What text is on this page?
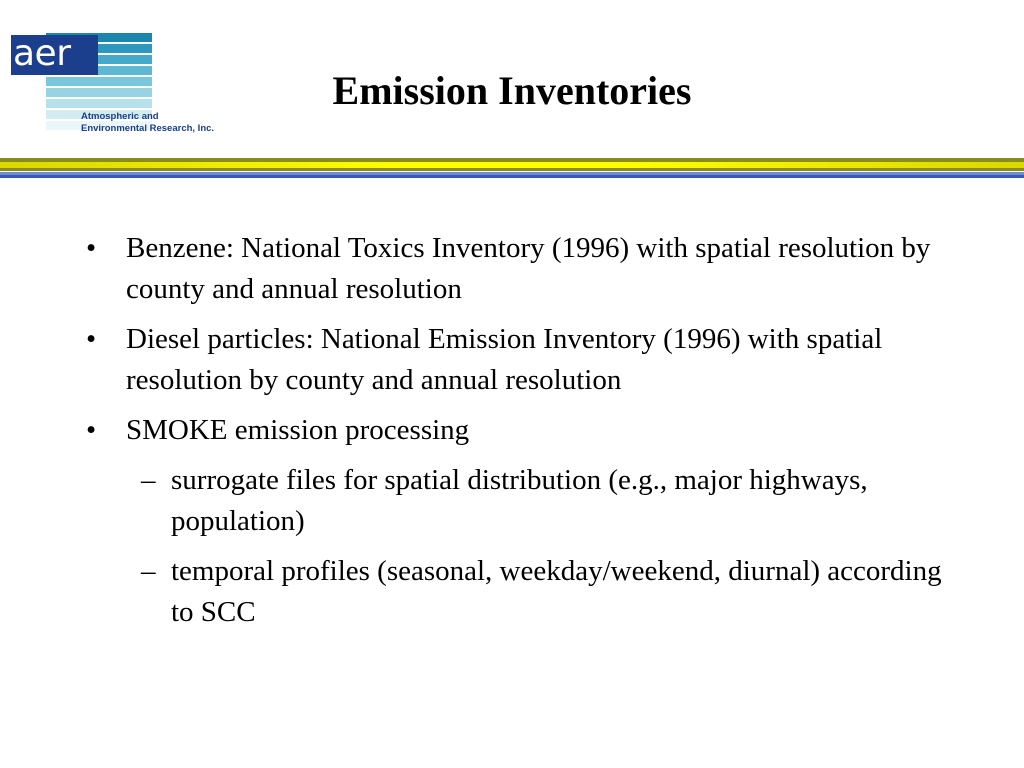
aer
Atmospheric and
Environmental Research, Inc.
Emission Inventories
• Benzene: National Toxics Inventory (1996) with spatial resolution by county and annual resolution
• Diesel particles: National Emission Inventory (1996) with spatial resolution by county and annual resolution
• SMOKE emission processing
– surrogate files for spatial distribution (e.g., major highways, population)
– temporal profiles (seasonal, weekday/weekend, diurnal) according to SCC
